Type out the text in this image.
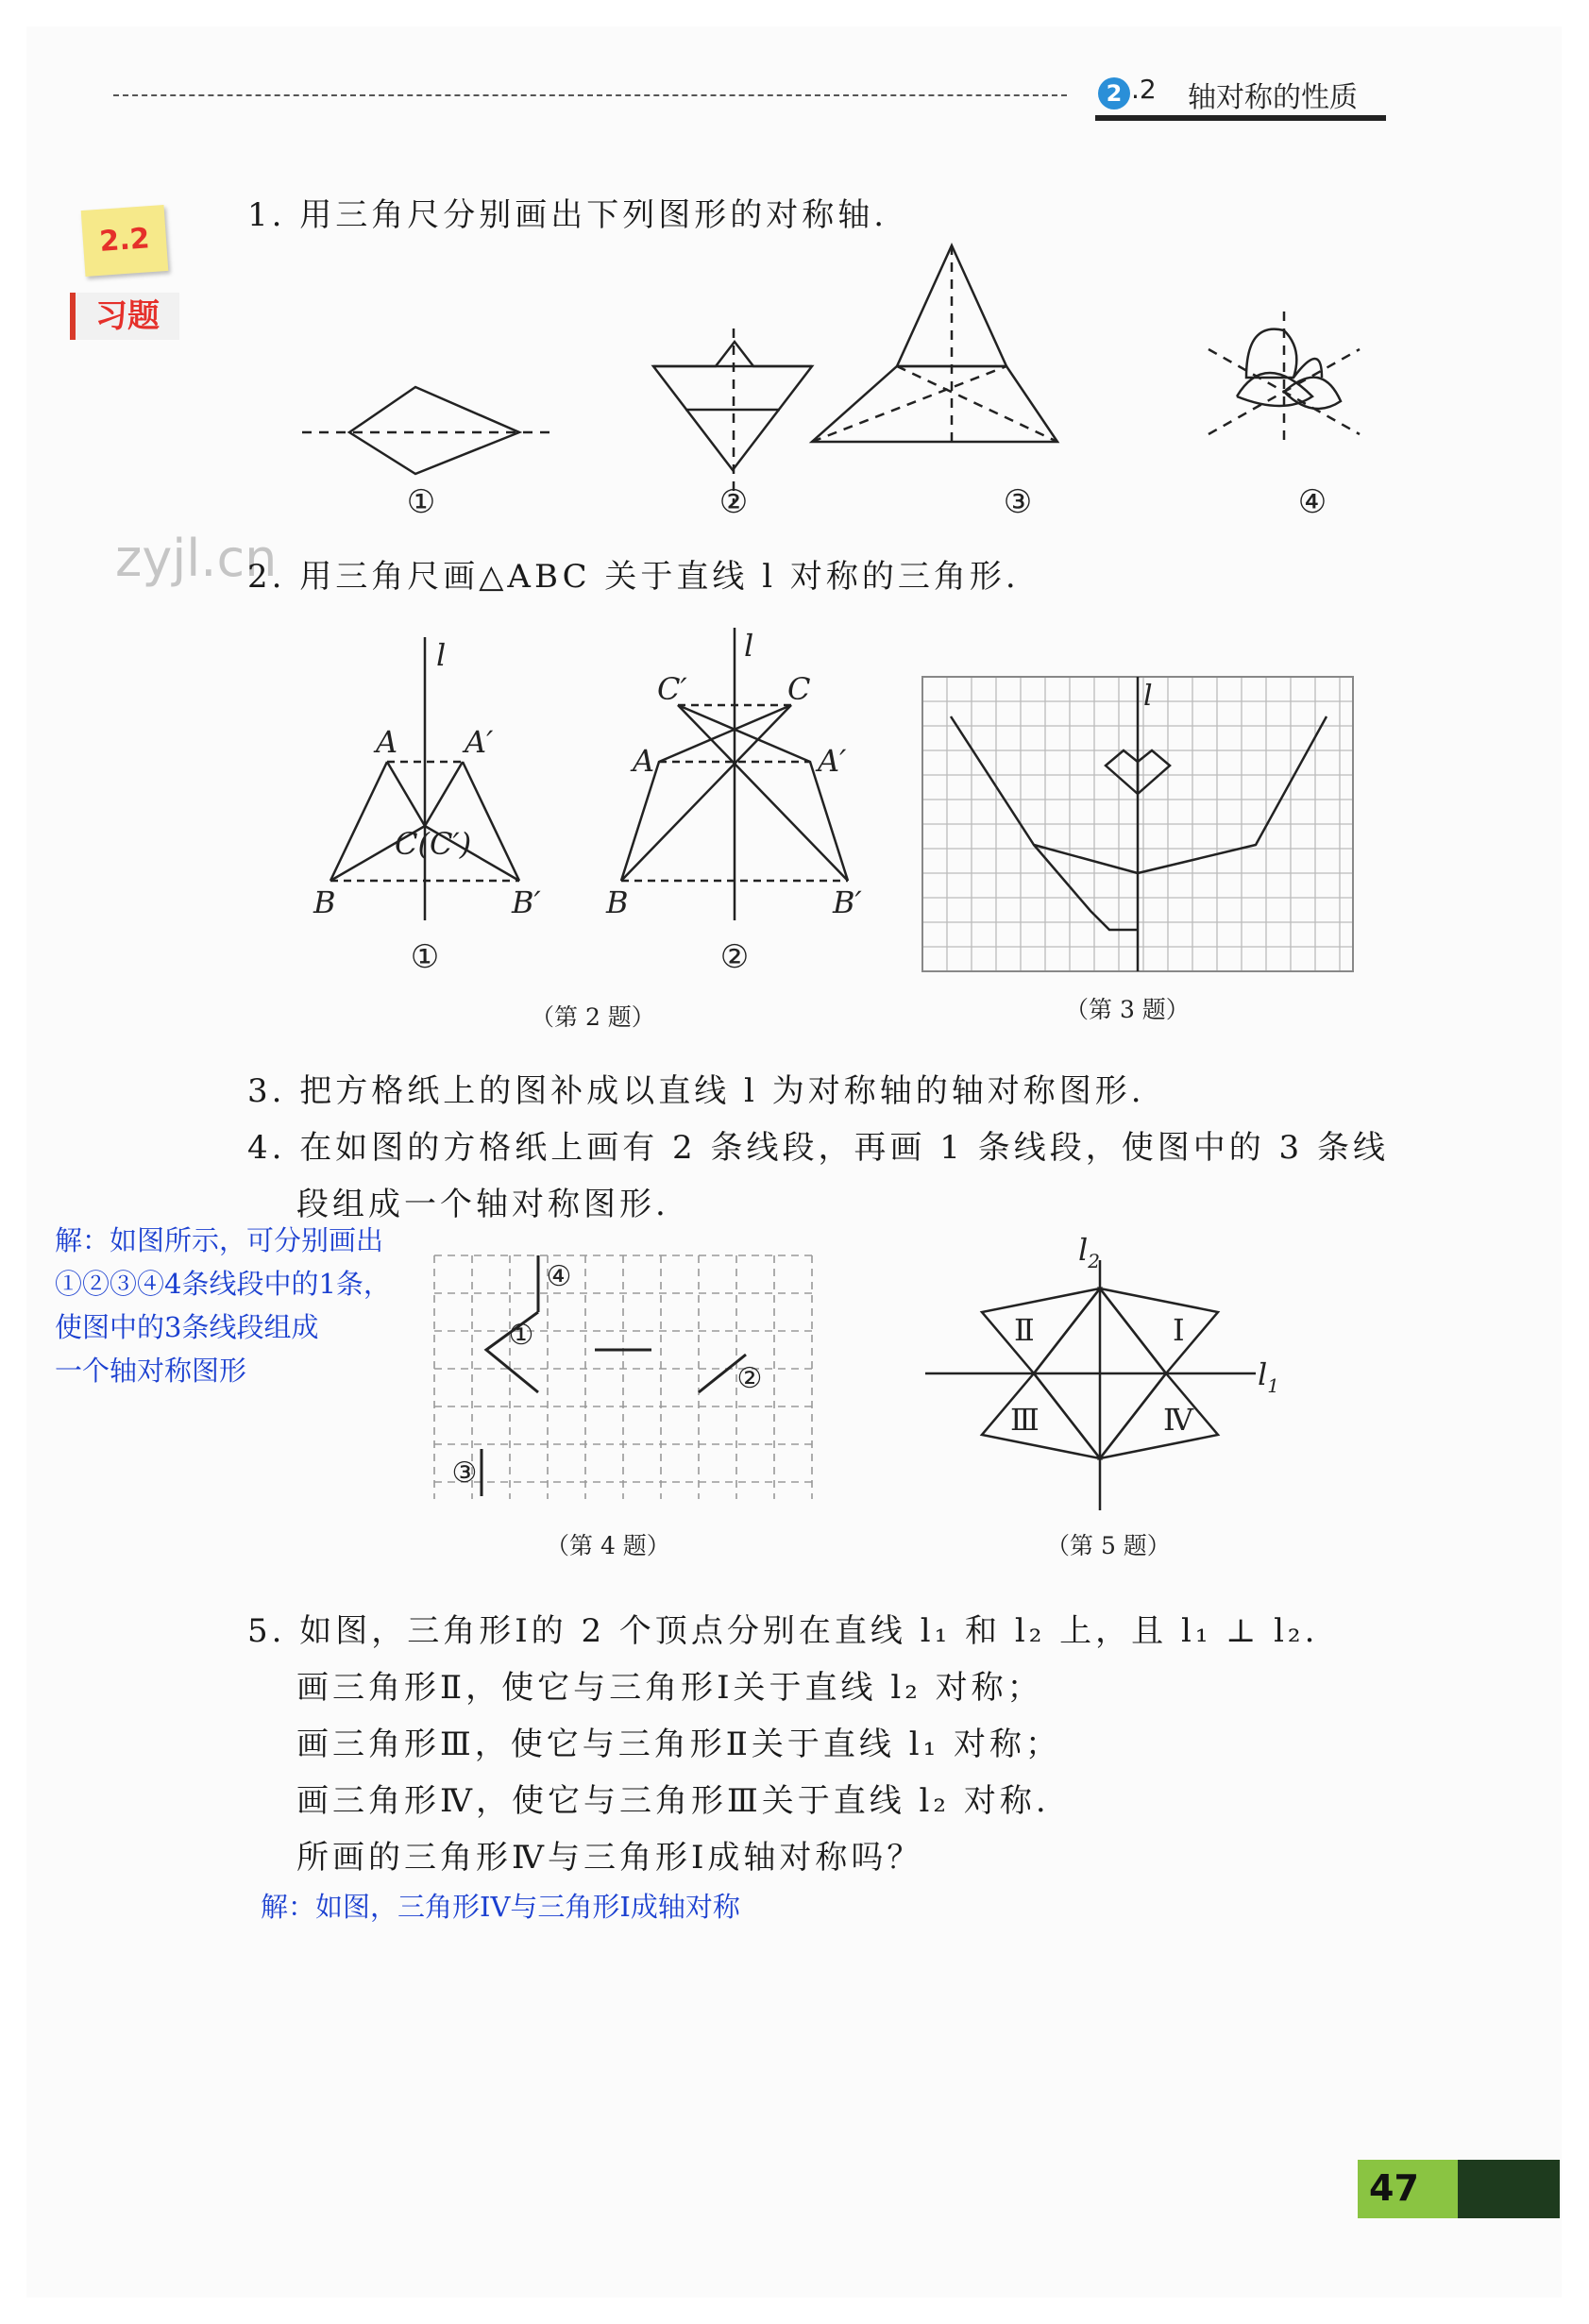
2 .2 轴对称的性质
2.2
习题
zyjl.cn
1. 用三角尺分别画出下列图形的对称轴.
①	②	③	④
2. 用三角尺画△ABC 关于直线 l 对称的三角形.
l
A A′
C(C′)
B	B′
l
C′	C
A	A′
B	B′
①	②
（第 2 题）
l
（第 3 题）
3. 把方格纸上的图补成以直线 l 为对称轴的轴对称图形.
4. 在如图的方格纸上画有 2 条线段，再画 1 条线段，使图中的 3 条线
段组成一个轴对称图形.
解：如图所示，可分别画出
①②③④4条线段中的1条，
使图中的3条线段组成
一个轴对称图形
④
①
②
③
（第 4 题）
$l_1$
$l_2$
Ⅰ
Ⅱ
Ⅲ	Ⅳ
（第 5 题）
5. 如图，三角形Ⅰ的 2 个顶点分别在直线 l₁ 和 l₂ 上，且 l₁ ⊥ l₂.
画三角形Ⅱ，使它与三角形Ⅰ关于直线 l₂ 对称；
画三角形Ⅲ，使它与三角形Ⅱ关于直线 l₁ 对称；
画三角形Ⅳ，使它与三角形Ⅲ关于直线 l₂ 对称.
所画的三角形Ⅳ与三角形Ⅰ成轴对称吗？
解：如图，三角形IV与三角形I成轴对称
47
